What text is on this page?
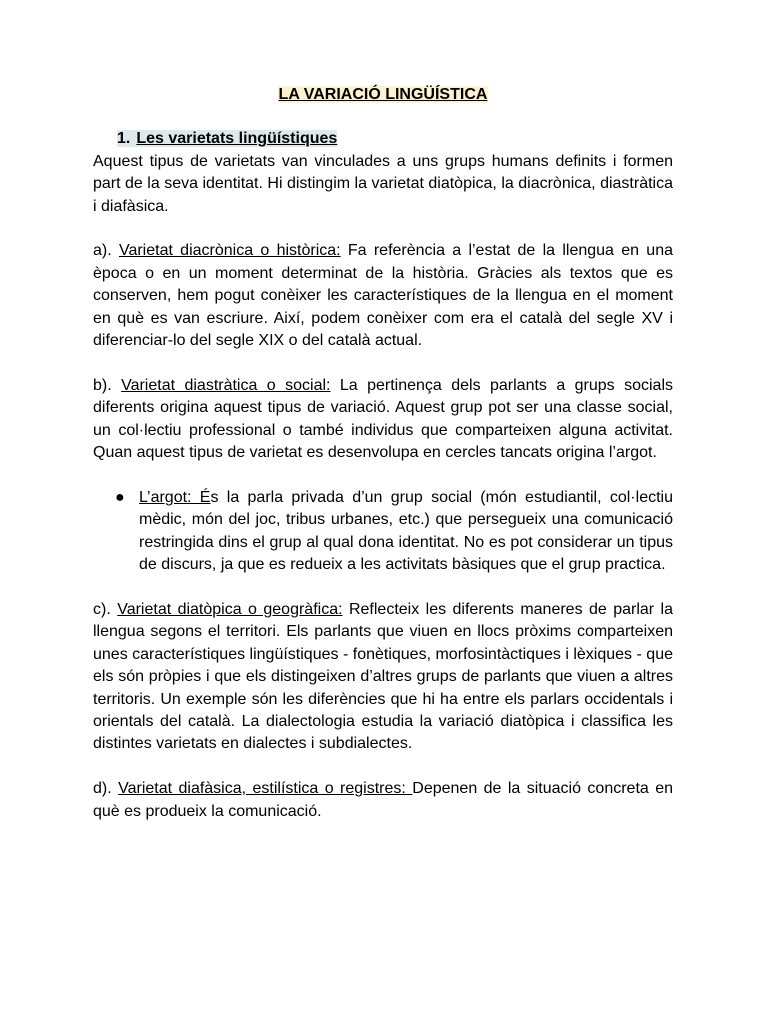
LA VARIACIÓ LINGÜÍSTICA
1. Les varietats lingüístiques

Aquest tipus de varietats van vinculades a uns grups humans definits i formen part de la seva identitat. Hi distingim la varietat diatòpica, la diacrònica, diastràtica i diafàsica.

a). Varietat diacrònica o històrica: Fa referència a l’estat de la llengua en una època o en un moment determinat de la història. Gràcies als textos que es conserven, hem pogut conèixer les característiques de la llengua en el moment en què es van escriure. Així, podem conèixer com era el català del segle XV i diferenciar-lo del segle XIX o del català actual.

b). Varietat diastràtica o social: La pertinença dels parlants a grups socials diferents origina aquest tipus de variació. Aquest grup pot ser una classe social, un col·lectiu professional o també individus que comparteixen alguna activitat. Quan aquest tipus de varietat es desenvolupa en cercles tancats origina l’argot.

● L’argot: És la parla privada d’un grup social (món estudiantil, col·lectiu mèdic, món del joc, tribus urbanes, etc.) que persegueix una comunicació restringida dins el grup al qual dona identitat. No es pot considerar un tipus de discurs, ja que es redueix a les activitats bàsiques que el grup practica.

c). Varietat diatòpica o geogràfica: Reflecteix les diferents maneres de parlar la llengua segons el territori. Els parlants que viuen en llocs pròxims comparteixen unes característiques lingüístiques - fonètiques, morfosintàctiques i lèxiques - que els són pròpies i que els distingeixen d’altres grups de parlants que viuen a altres territoris. Un exemple són les diferències que hi ha entre els parlars occidentals i orientals del català. La dialectologia estudia la variació diatòpica i classifica les distintes varietats en dialectes i subdialectes.

d). Varietat diafàsica, estilística o registres: Depenen de la situació concreta en què es produeix la comunicació.
